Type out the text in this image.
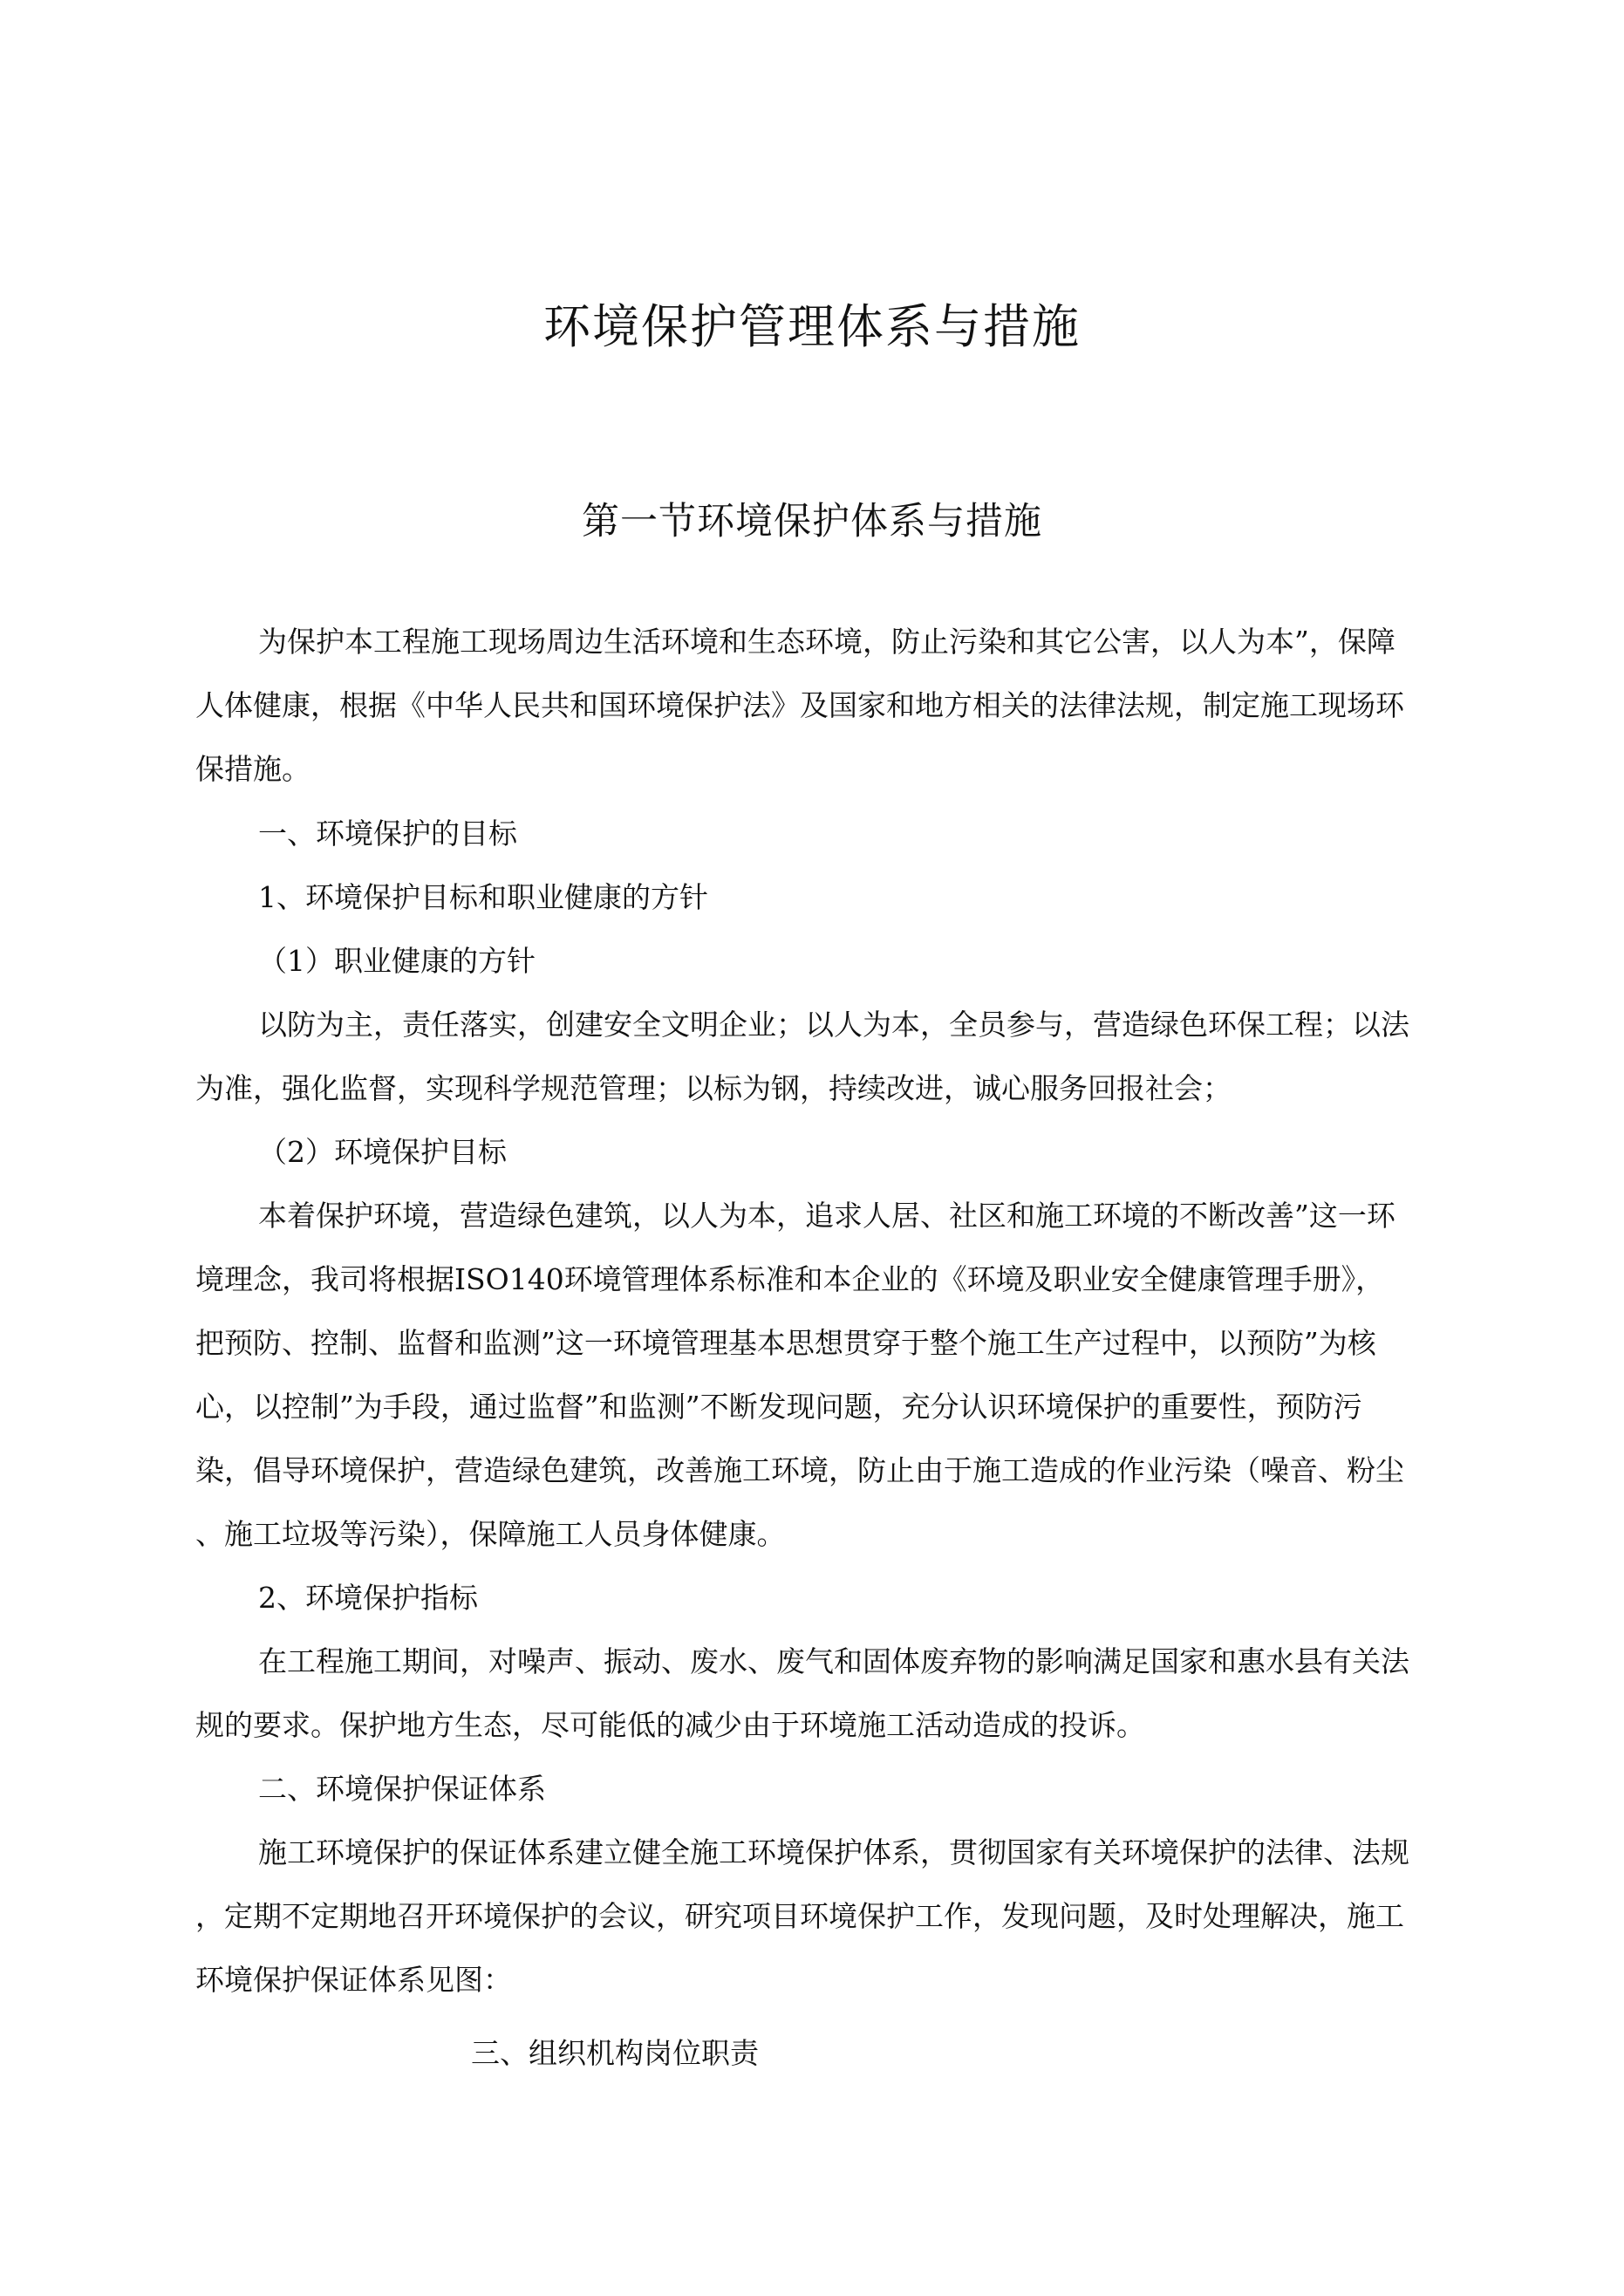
环境保护管理体系与措施
第一节环境保护体系与措施
为保护本工程施工现场周边生活环境和生态环境，防止污染和其它公害，以人为本”，保障
人体健康，根据《中华人民共和国环境保护法》及国家和地方相关的法律法规，制定施工现场环
保措施。
一、环境保护的目标
1、环境保护目标和职业健康的方针
（1）职业健康的方针
以防为主，责任落实，创建安全文明企业；以人为本，全员参与，营造绿色环保工程；以法
为准，强化监督，实现科学规范管理；以标为钢，持续改进，诚心服务回报社会；
（2）环境保护目标
本着保护环境，营造绿色建筑，以人为本，追求人居、社区和施工环境的不断改善”这一环
境理念，我司将根据ISO140环境管理体系标准和本企业的《环境及职业安全健康管理手册》，
把预防、控制、监督和监测”这一环境管理基本思想贯穿于整个施工生产过程中，以预防”为核
心，以控制”为手段，通过监督”和监测”不断发现问题，充分认识环境保护的重要性，预防污
染，倡导环境保护，营造绿色建筑，改善施工环境，防止由于施工造成的作业污染（噪音、粉尘
、施工垃圾等污染），保障施工人员身体健康。
2、环境保护指标
在工程施工期间，对噪声、振动、废水、废气和固体废弃物的影响满足国家和惠水县有关法
规的要求。保护地方生态，尽可能低的减少由于环境施工活动造成的投诉。
二、环境保护保证体系
施工环境保护的保证体系建立健全施工环境保护体系，贯彻国家有关环境保护的法律、法规
，定期不定期地召开环境保护的会议，研究项目环境保护工作，发现问题，及时处理解决，施工
环境保护保证体系见图：
三、组织机构岗位职责
